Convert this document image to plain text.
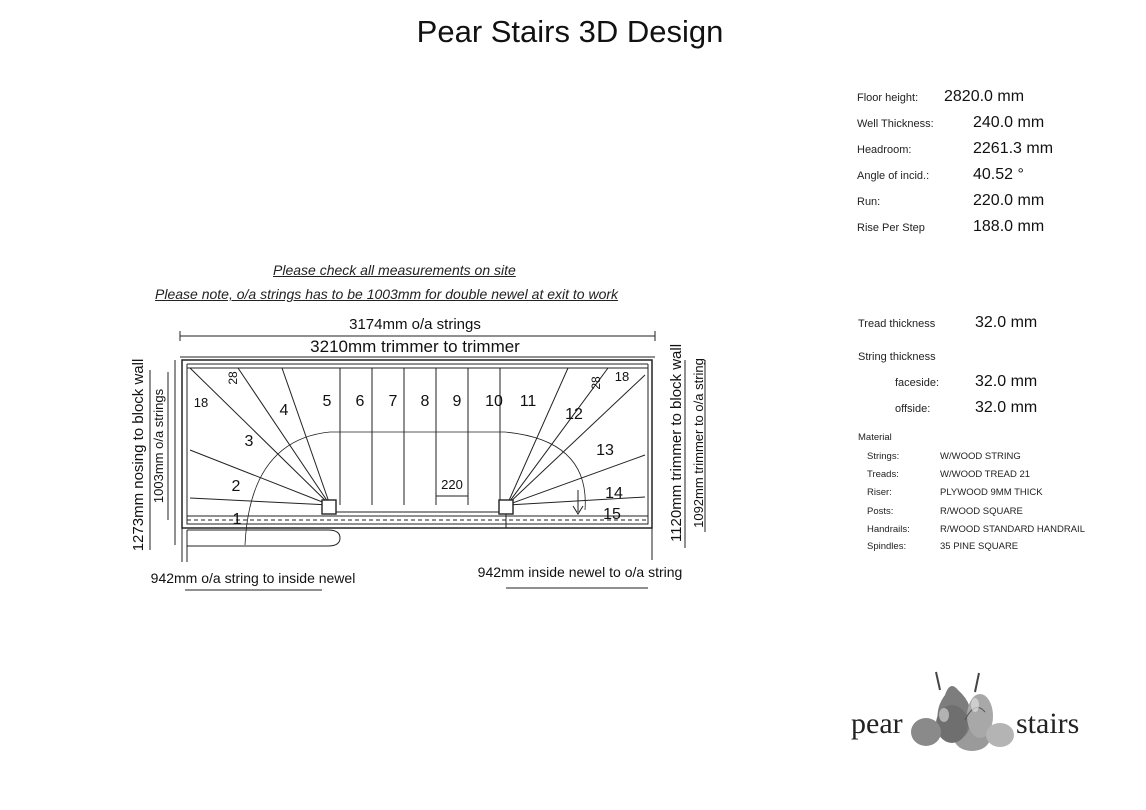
Pear Stairs 3D Design
Please check all measurements on site
Please note, o/a strings has to be 1003mm for double newel at exit to work
Floor height: 2820.0 mm
Well Thickness: 240.0 mm
Headroom:	2261.3 mm
Angle of incid.:	40.52 °
Run:	220.0 mm
Rise Per Step	188.0 mm
Tread thickness 32.0 mm
String thickness
faceside: 32.0 mm
offside:	32.0 mm
Material
Strings:	W/WOOD STRING
Treads:	W/WOOD TREAD 21
Riser:	PLYWOOD 9MM THICK
Posts:	R/WOOD SQUARE
Handrails:	R/WOOD STANDARD HANDRAIL
Spindles:	35 PINE SQUARE
3174mm o/a strings
3210mm trimmer to trimmer
1273mm nosing to block wall 1003mm o/a strings	1120mm trimmer to block wall 1092mm trimmer to o/a string
942mm o/a string to inside newel	942mm inside newel to o/a string
28
18
28 18
220
1
2
3
4
5 6 7 8 9 10 11
12
13
14
15
pear	stairs
